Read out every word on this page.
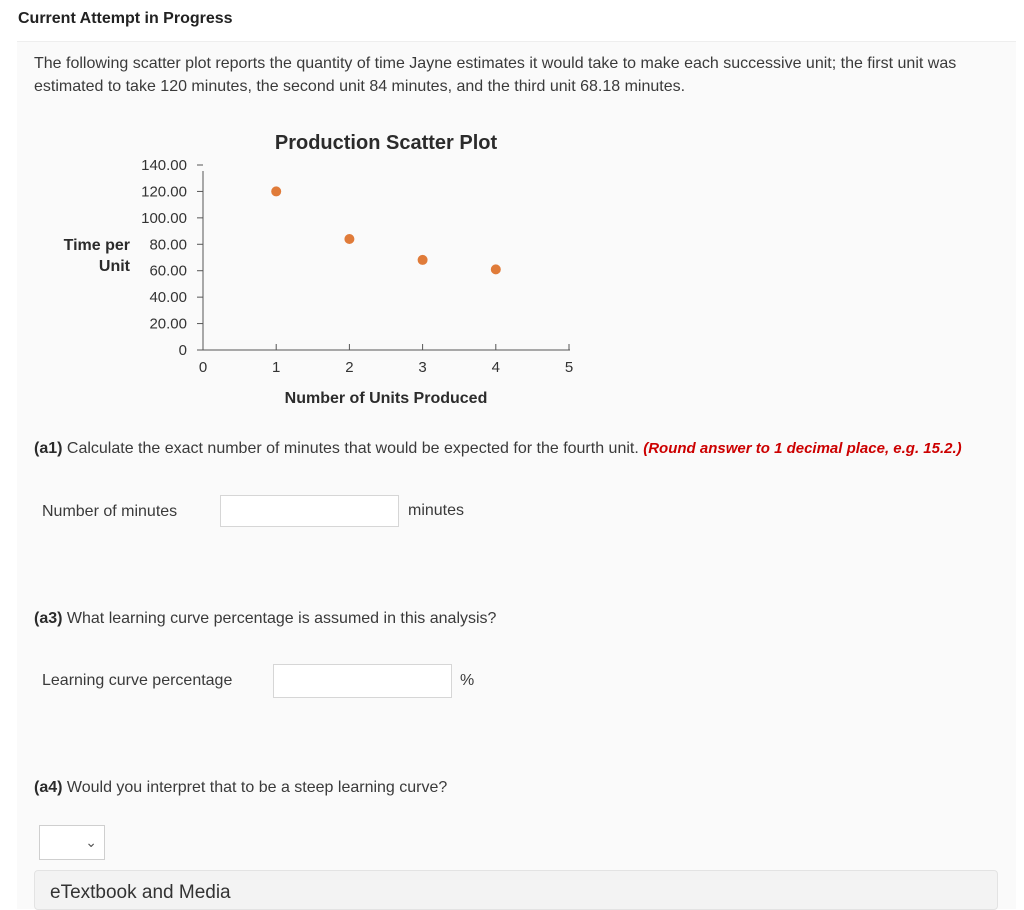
Current Attempt in Progress
The following scatter plot reports the quantity of time Jayne estimates it would take to make each successive unit; the first unit was estimated to take 120 minutes, the second unit 84 minutes, and the third unit 68.18 minutes.
Production Scatter Plot
Time per
Unit
Number of Units Produced
0
20.00
40.00
60.00
80.00
100.00
120.00
140.00
0	1	2	3	4	5
(a1) Calculate the exact number of minutes that would be expected for the fourth unit. (Round answer to 1 decimal place, e.g. 15.2.)
Number of minutes	minutes
(a3) What learning curve percentage is assumed in this analysis?
Learning curve percentage	%
(a4) Would you interpret that to be a steep learning curve?
⌄
eTextbook and Media
